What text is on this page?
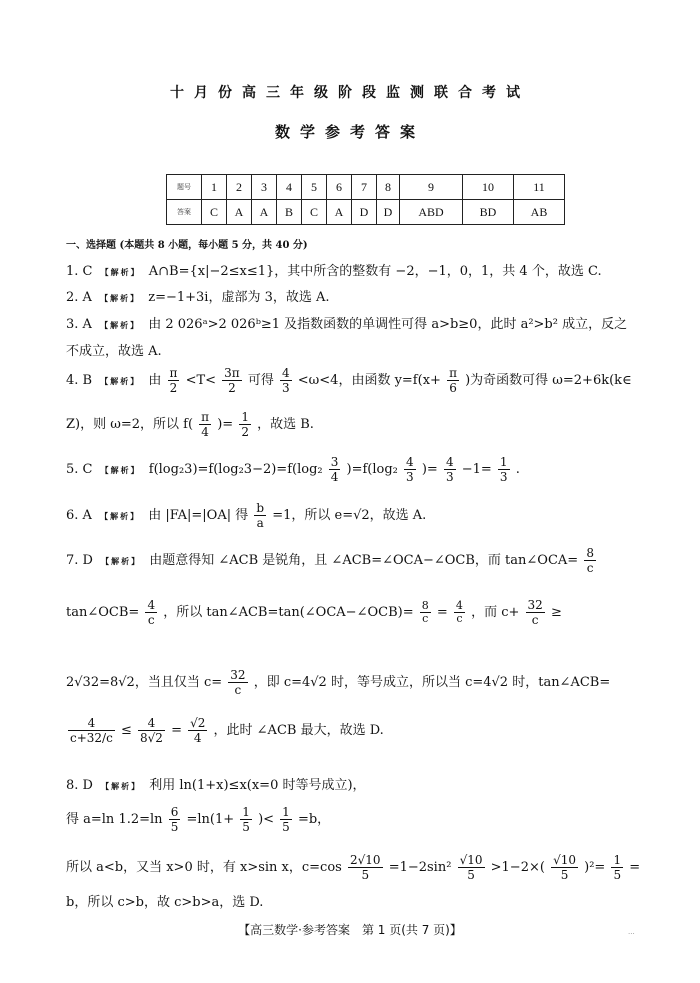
十月份高三年级阶段监测联合考试
数学参考答案
题号	1	2	3	4	5	6	7	8	9	10	11
答案	C	A	A	B	C	A	D	D	ABD	BD	AB
一、选择题 (本题共 8 小题，每小题 5 分，共 40 分)
1. C 【解析】 A∩B={x|−2≤x≤1}，其中所含的整数有 −2，−1，0，1，共 4 个，故选 C.
2. A 【解析】 z=−1+3i，虚部为 3，故选 A.
3. A 【解析】 由 2 026ᵃ>2 026ᵇ≥1 及指数函数的单调性可得 a>b≥0，此时 a²>b² 成立，反之
不成立，故选 A.
4. B 【解析】 由 $\frac{\pi}{2} <T< \frac{3\pi}{2}$ 可得 $\frac{4}{3} <\omega<4$，由函数 $y=f(x+ \frac{\pi}{6}$ )为奇函数可得 ω=2+6k(k∈
Z)，则 ω=2，所以 $f( \frac{\pi}{4}$ )= $\frac{1}{2}$ ，故选 B.
5. C 【解析】 $f(\log_23)=f(\log_23-2)=f(\log_2 \frac{3}{4} )=f(\log_2 \frac{4}{3}$ )= $\frac{4}{3} -1= \frac{1}{3}$ .
6. A 【解析】 由 |FA|=|OA| 得 $\frac{b}{a} =1$，所以 e=√2，故选 A.
7. D 【解析】 由题意得知 ∠ACB 是锐角，且 ∠ACB=∠OCA−∠OCB，而 tan∠OCA= $\frac{8}{c}$
tan∠OCB= $\frac{4}{c}$ ，所以 tan∠ACB=tan(∠OCA−∠OCB)= $\frac{8}{c} = \frac{4}{c}$ ，而 $c+ \frac{32}{c}$ ≥
2√32=8√2，当且仅当 $c= \frac{32}{c}$ ，即 c=4√2 时，等号成立，所以当 c=4√2 时，tan∠ACB=
$\frac{4}{c+32/c} \le \frac{4}{8√2} = \frac{√2}{4}$ ，此时 ∠ACB 最大，故选 D.
8. D 【解析】 利用 ln(1+x)≤x(x=0 时等号成立)，
得 a=ln $1.2=\ln \frac{6}{5} =\ln(1+ \frac{1}{5}$ )< $\frac{1}{5} =b$，
所以 a<b，又当 x>0 时，有 x>sin x，$c=\cos \frac{2√10}{5} =1-2\sin^2 \frac{√10}{5} >1-2\times( \frac{√10}{5} )^2= \frac{1}{5}$ =
b，所以 c>b，故 c>b>a，选 D.
【高三数学·参考答案　第 1 页(共 7 页)】	...
